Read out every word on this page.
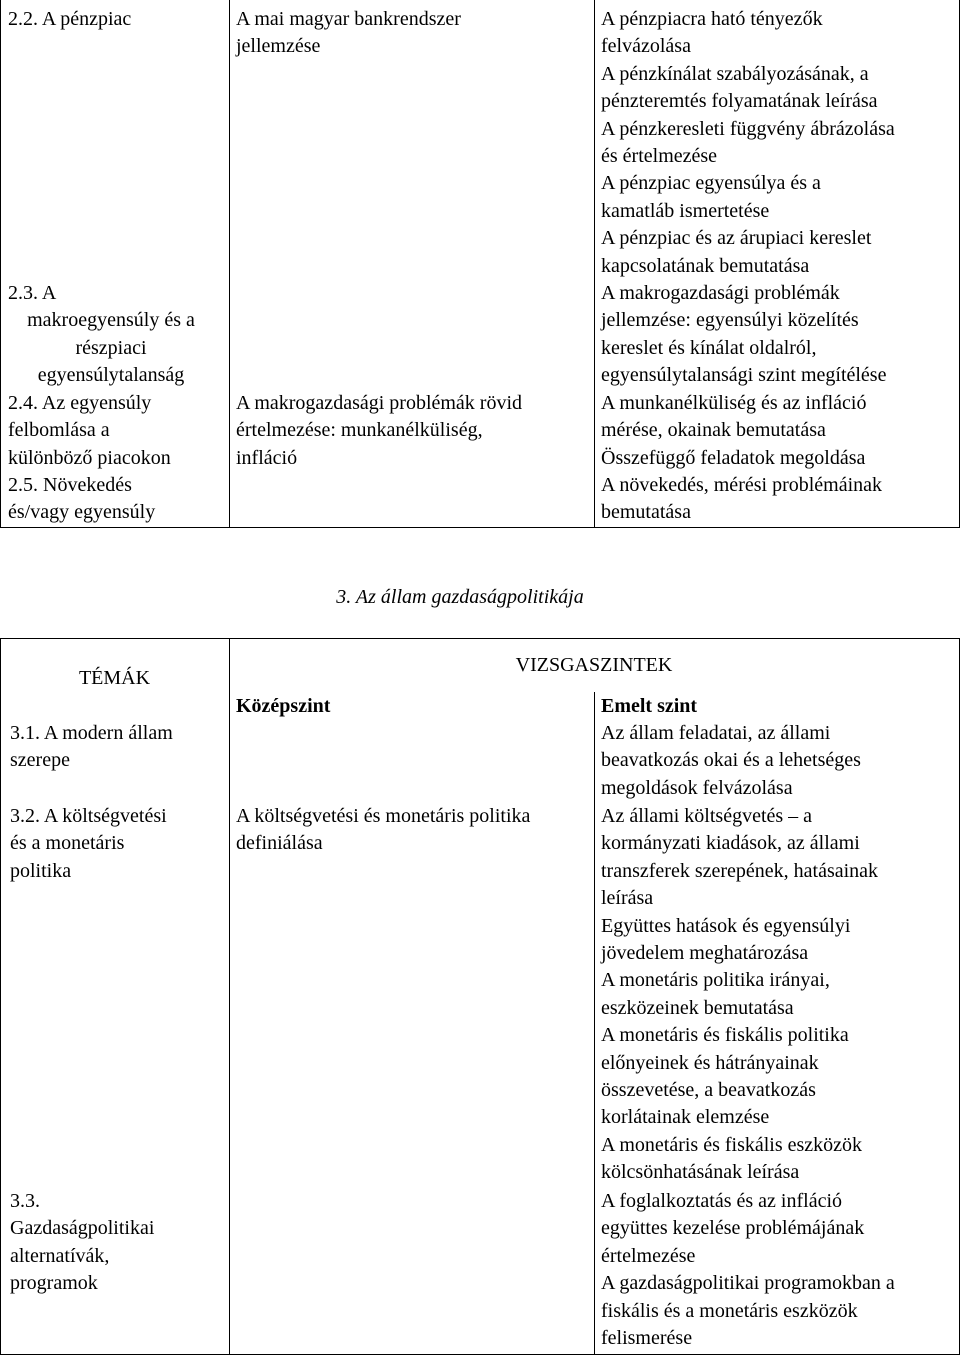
2.2. A pénzpiac
2.3. A
makroegyensúly és a
részpiaci
egyensúlytalanság
2.4. Az egyensúly
felbomlása a
különböző piacokon
2.5. Növekedés
és/vagy egyensúly
A mai magyar bankrendszer
jellemzése
A makrogazdasági problémák rövid
értelmezése: munkanélküliség,
infláció
A pénzpiacra ható tényezők
felvázolása
A pénzkínálat szabályozásának, a
pénzteremtés folyamatának leírása
A pénzkeresleti függvény ábrázolása
és értelmezése
A pénzpiac egyensúlya és a
kamatláb ismertetése
A pénzpiac és az árupiaci kereslet
kapcsolatának bemutatása
A makrogazdasági problémák
jellemzése: egyensúlyi közelítés
kereslet és kínálat oldalról,
egyensúlytalansági szint megítélése
A munkanélküliség és az infláció
mérése, okainak bemutatása
Összefüggő feladatok megoldása
A növekedés, mérési problémáinak
bemutatása
3. Az állam gazdaságpolitikája
TÉMÁK
VIZSGASZINTEK
Középszint	Emelt szint
3.1. A modern állam
szerepe
3.2. A költségvetési
és a monetáris
politika
3.3.
Gazdaságpolitikai
alternatívák,
programok
A költségvetési és monetáris politika
definiálása
Az állam feladatai, az állami
beavatkozás okai és a lehetséges
megoldások felvázolása
Az állami költségvetés – a
kormányzati kiadások, az állami
transzferek szerepének, hatásainak
leírása
Együttes hatások és egyensúlyi
jövedelem meghatározása
A monetáris politika irányai,
eszközeinek bemutatása
A monetáris és fiskális politika
előnyeinek és hátrányainak
összevetése, a beavatkozás
korlátainak elemzése
A monetáris és fiskális eszközök
kölcsönhatásának leírása
A foglalkoztatás és az infláció
együttes kezelése problémájának
értelmezése
A gazdaságpolitikai programokban a
fiskális és a monetáris eszközök
felismerése
